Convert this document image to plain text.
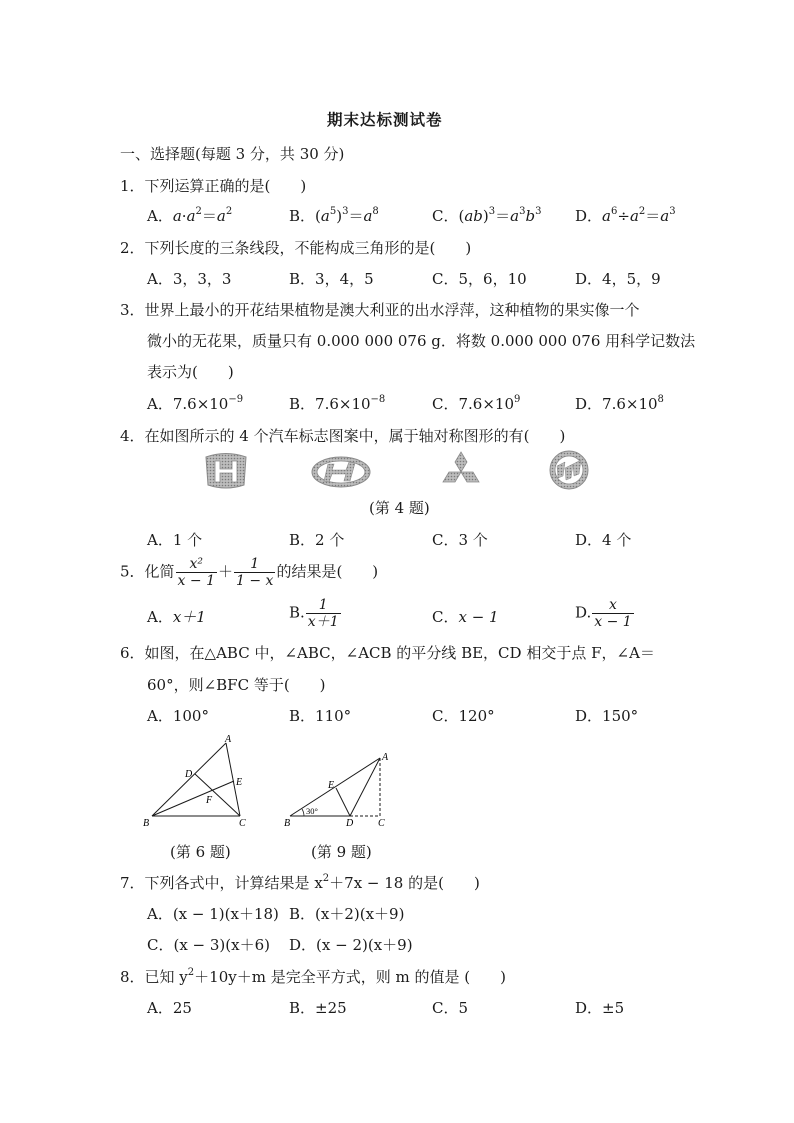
期末达标测试卷
一、选择题(每题 3 分，共 30 分)
1．下列运算正确的是(　　)
A．$a\cdot a^2=a^2$	B．$(a^5)^3=a^8$	C．$(ab)^3=a^3b^3$ D．$a^6\div a^2=a^3$
2．下列长度的三条线段，不能构成三角形的是(　　)
A．3，3，3	B．3，4，5	C．5，6，10	D．4，5，9
3．世界上最小的开花结果植物是澳大利亚的出水浮萍，这种植物的果实像一个
微小的无花果，质量只有 0.000 000 076 g．将数 0.000 000 076 用科学记数法
表示为(　　)
A．$7.6\times 10^{-9}$	B．$7.6\times 10^{-8}$	C．$7.6\times 10^9$	D．$7.6\times 10^8$
4．在如图所示的 4 个汽车标志图案中，属于轴对称图形的有(　　)
(第 4 题)
A．1 个	B．2 个	C．3 个	D．4 个
5．化简 $\frac{\text{x²}}{x - 1} + \frac{1}{1 - x}$ 的结果是(　　)
A．x＋1	B. $\frac{1}{x+1}$	C．x − 1	D. $\frac{x}{x - 1}$
6．如图，在△ABC 中，∠ABC，∠ACB 的平分线 BE，CD 相交于点 F，∠A＝
60°，则∠BFC 等于(　　)
A．100°	B．110°	C．120°	D．150°
A
B	C
D
E
F
A
B	C
D
E
30°
(第 6 题)	(第 9 题)
7．下列各式中，计算结果是 $x^2+7x - 18$ 的是(　　)
A．(x − 1)(x＋18) B．(x＋2)(x＋9)
C．(x − 3)(x＋6) D．(x − 2)(x＋9)
8．已知 $y^2+10y+m$ 是完全平方式，则 m 的值是 (　　)
A．25	B．±25	C．5	D．±5
